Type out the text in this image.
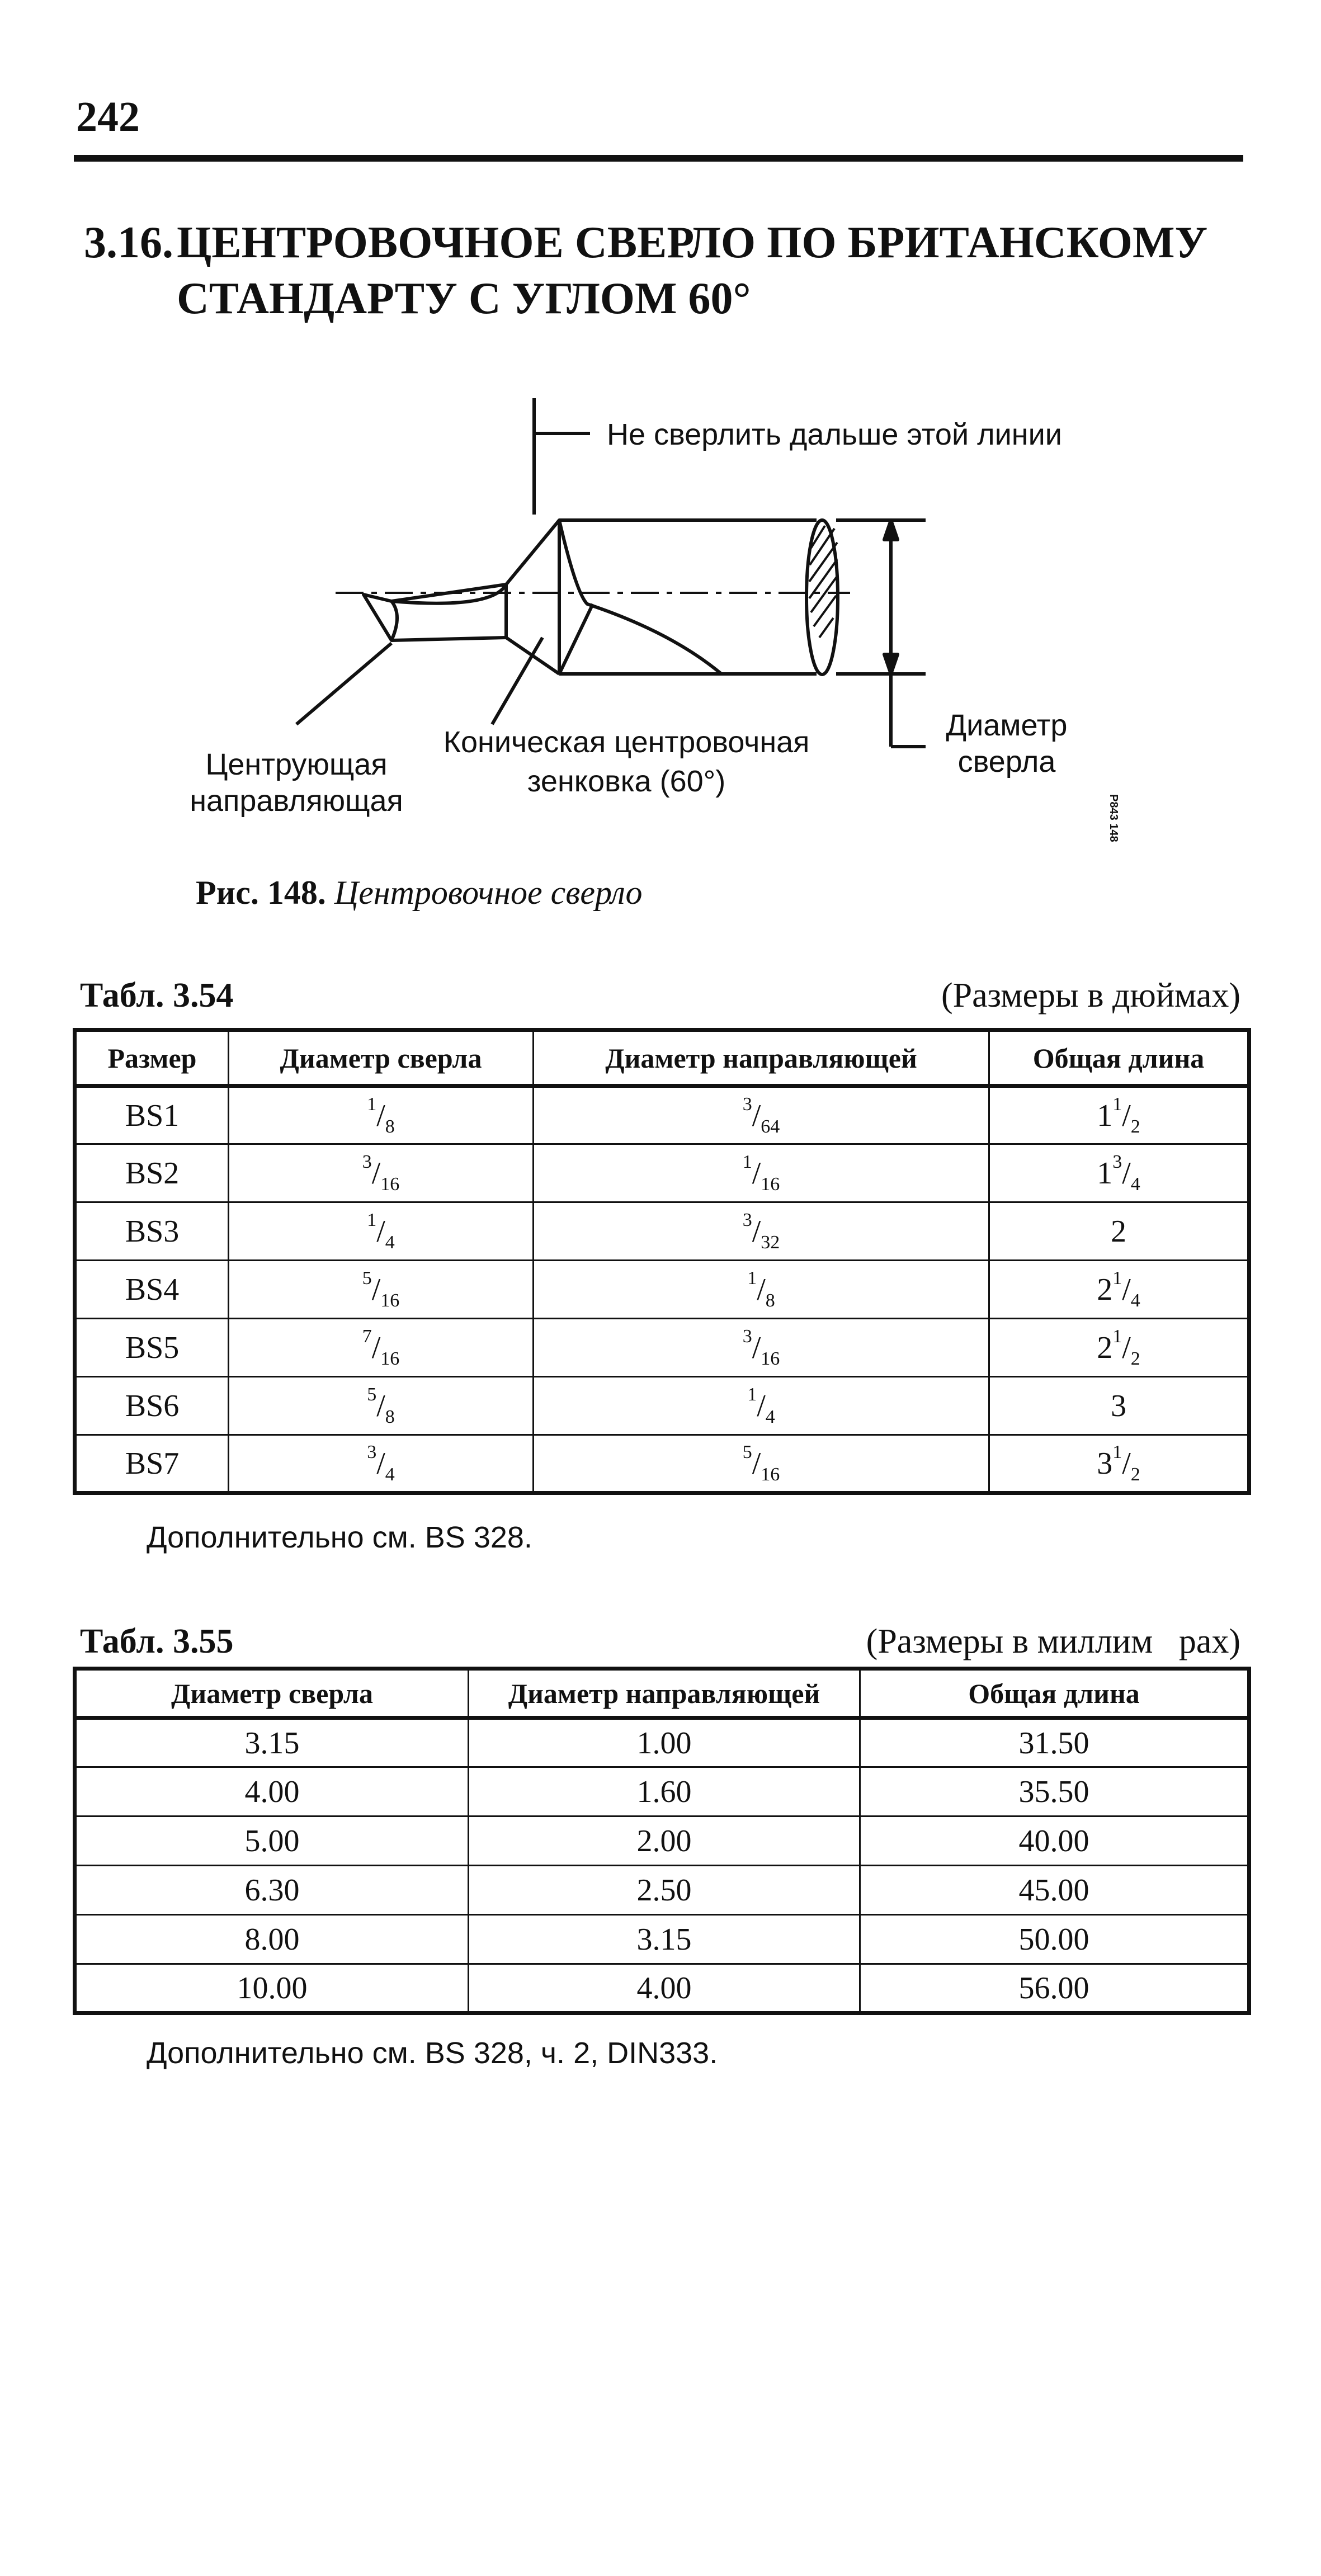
242
3.16.ЦЕНТРОВОЧНОЕ СВЕРЛО ПО БРИТАНСКОМУ
СТАНДАРТУ С УГЛОМ 60°
Не сверлить дальше этой линии
Центрующая
направляющая
Коническая центровочная
зенковка (60°)
Диаметр
сверла
P843 148
Рис. 148. Центровочное сверло
Табл. 3.54	(Размеры в дюймах)
Размер	Диаметр сверла	Диаметр направляющей	Общая длина
BS1	$^1/_8$	$^3/_{64}$	$1^1/_2$
BS2	$^3/_{16}$	$^1/_{16}$	$1^3/_4$
BS3	$^1/_4$	$^3/_{32}$	2
BS4	$^5/_{16}$	$^1/_8$	$2^1/_4$
BS5	$^7/_{16}$	$^3/_{16}$	$2^1/_2$
BS6	$^5/_8$	$^1/_4$	3
BS7	$^3/_4$	$^5/_{16}$	$3^1/_2$
Дополнительно см. BS 328.
Табл. 3.55	(Размеры в миллим   рах)
Диаметр сверла	Диаметр направляющей	Общая длина
3.15	1.00	31.50
4.00	1.60	35.50
5.00	2.00	40.00
6.30	2.50	45.00
8.00	3.15	50.00
10.00	4.00	56.00
Дополнительно см. BS 328, ч. 2, DIN333.
